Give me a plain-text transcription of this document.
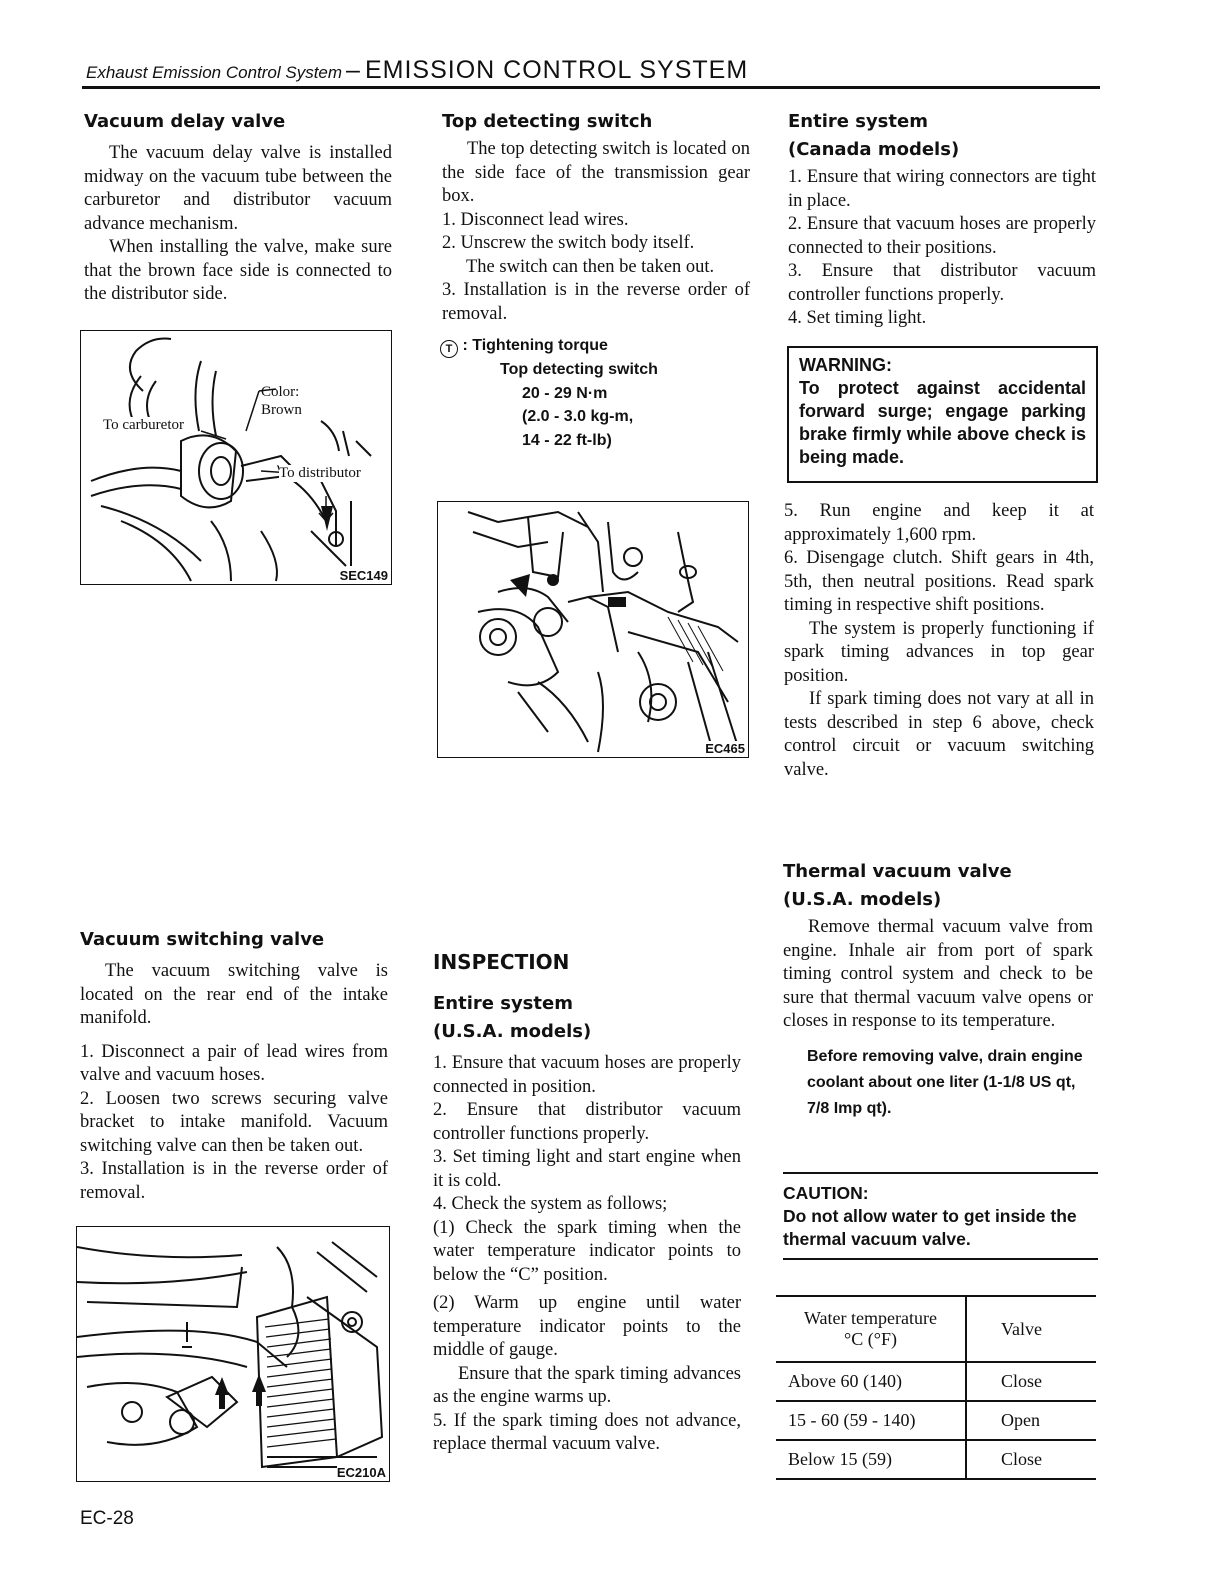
Exhaust Emission Control System – EMISSION CONTROL SYSTEM
Vacuum delay valve

The vacuum delay valve is installed midway on the vacuum tube between the carburetor and distributor vacuum advance mechanism.

When installing the valve, make sure that the brown face side is connected to the distributor side.

Color:
Brown
To carburetor
To distributor
SEC149
Vacuum switching valve

The vacuum switching valve is located on the rear end of the intake manifold.

1. Disconnect a pair of lead wires from valve and vacuum hoses.

2. Loosen two screws securing valve bracket to intake manifold. Vacuum switching valve can then be taken out.

3. Installation is in the reverse order of removal.

EC210A
EC-28
Top detecting switch

The top detecting switch is located on the side face of the transmission gear box.

1. Disconnect lead wires.

2. Unscrew the switch body itself.

The switch can then be taken out.

3. Installation is in the reverse order of removal.

T : Tightening torque
Top detecting switch
20 - 29 N·m
(2.0 - 3.0 kg-m,
14 - 22 ft-lb)
EC465
INSPECTION
Entire system
(U.S.A. models)

1. Ensure that vacuum hoses are properly connected in position.

2. Ensure that distributor vacuum controller functions properly.

3. Set timing light and start engine when it is cold.

4. Check the system as follows;

(1) Check the spark timing when the water temperature indicator points to below the “C” position.

(2) Warm up engine until water temperature indicator points to the middle of gauge.

Ensure that the spark timing advances as the engine warms up.

5. If the spark timing does not advance, replace thermal vacuum valve.

Entire system
(Canada models)

1. Ensure that wiring connectors are tight in place.

2. Ensure that vacuum hoses are properly connected to their positions.

3. Ensure that distributor vacuum controller functions properly.

4. Set timing light.

WARNING:
To protect against accidental forward surge; engage parking brake firmly while above check is being made.

5. Run engine and keep it at approximately 1,600 rpm.

6. Disengage clutch. Shift gears in 4th, 5th, then neutral positions. Read spark timing in respective shift positions.

The system is properly functioning if spark timing advances in top gear position.

If spark timing does not vary at all in tests described in step 6 above, check control circuit or vacuum switching valve.

Thermal vacuum valve
(U.S.A. models)

Remove thermal vacuum valve from engine. Inhale air from port of spark timing control system and check to be sure that thermal vacuum valve opens or closes in response to its temperature.

Before removing valve, drain engine coolant about one liter (1-1/8 US qt, 7/8 Imp qt).

CAUTION:
Do not allow water to get inside the thermal vacuum valve.
Water temperature
°C (°F)	Valve
Above 60 (140)	Close
15 - 60 (59 - 140)	Open
Below 15 (59)	Close
